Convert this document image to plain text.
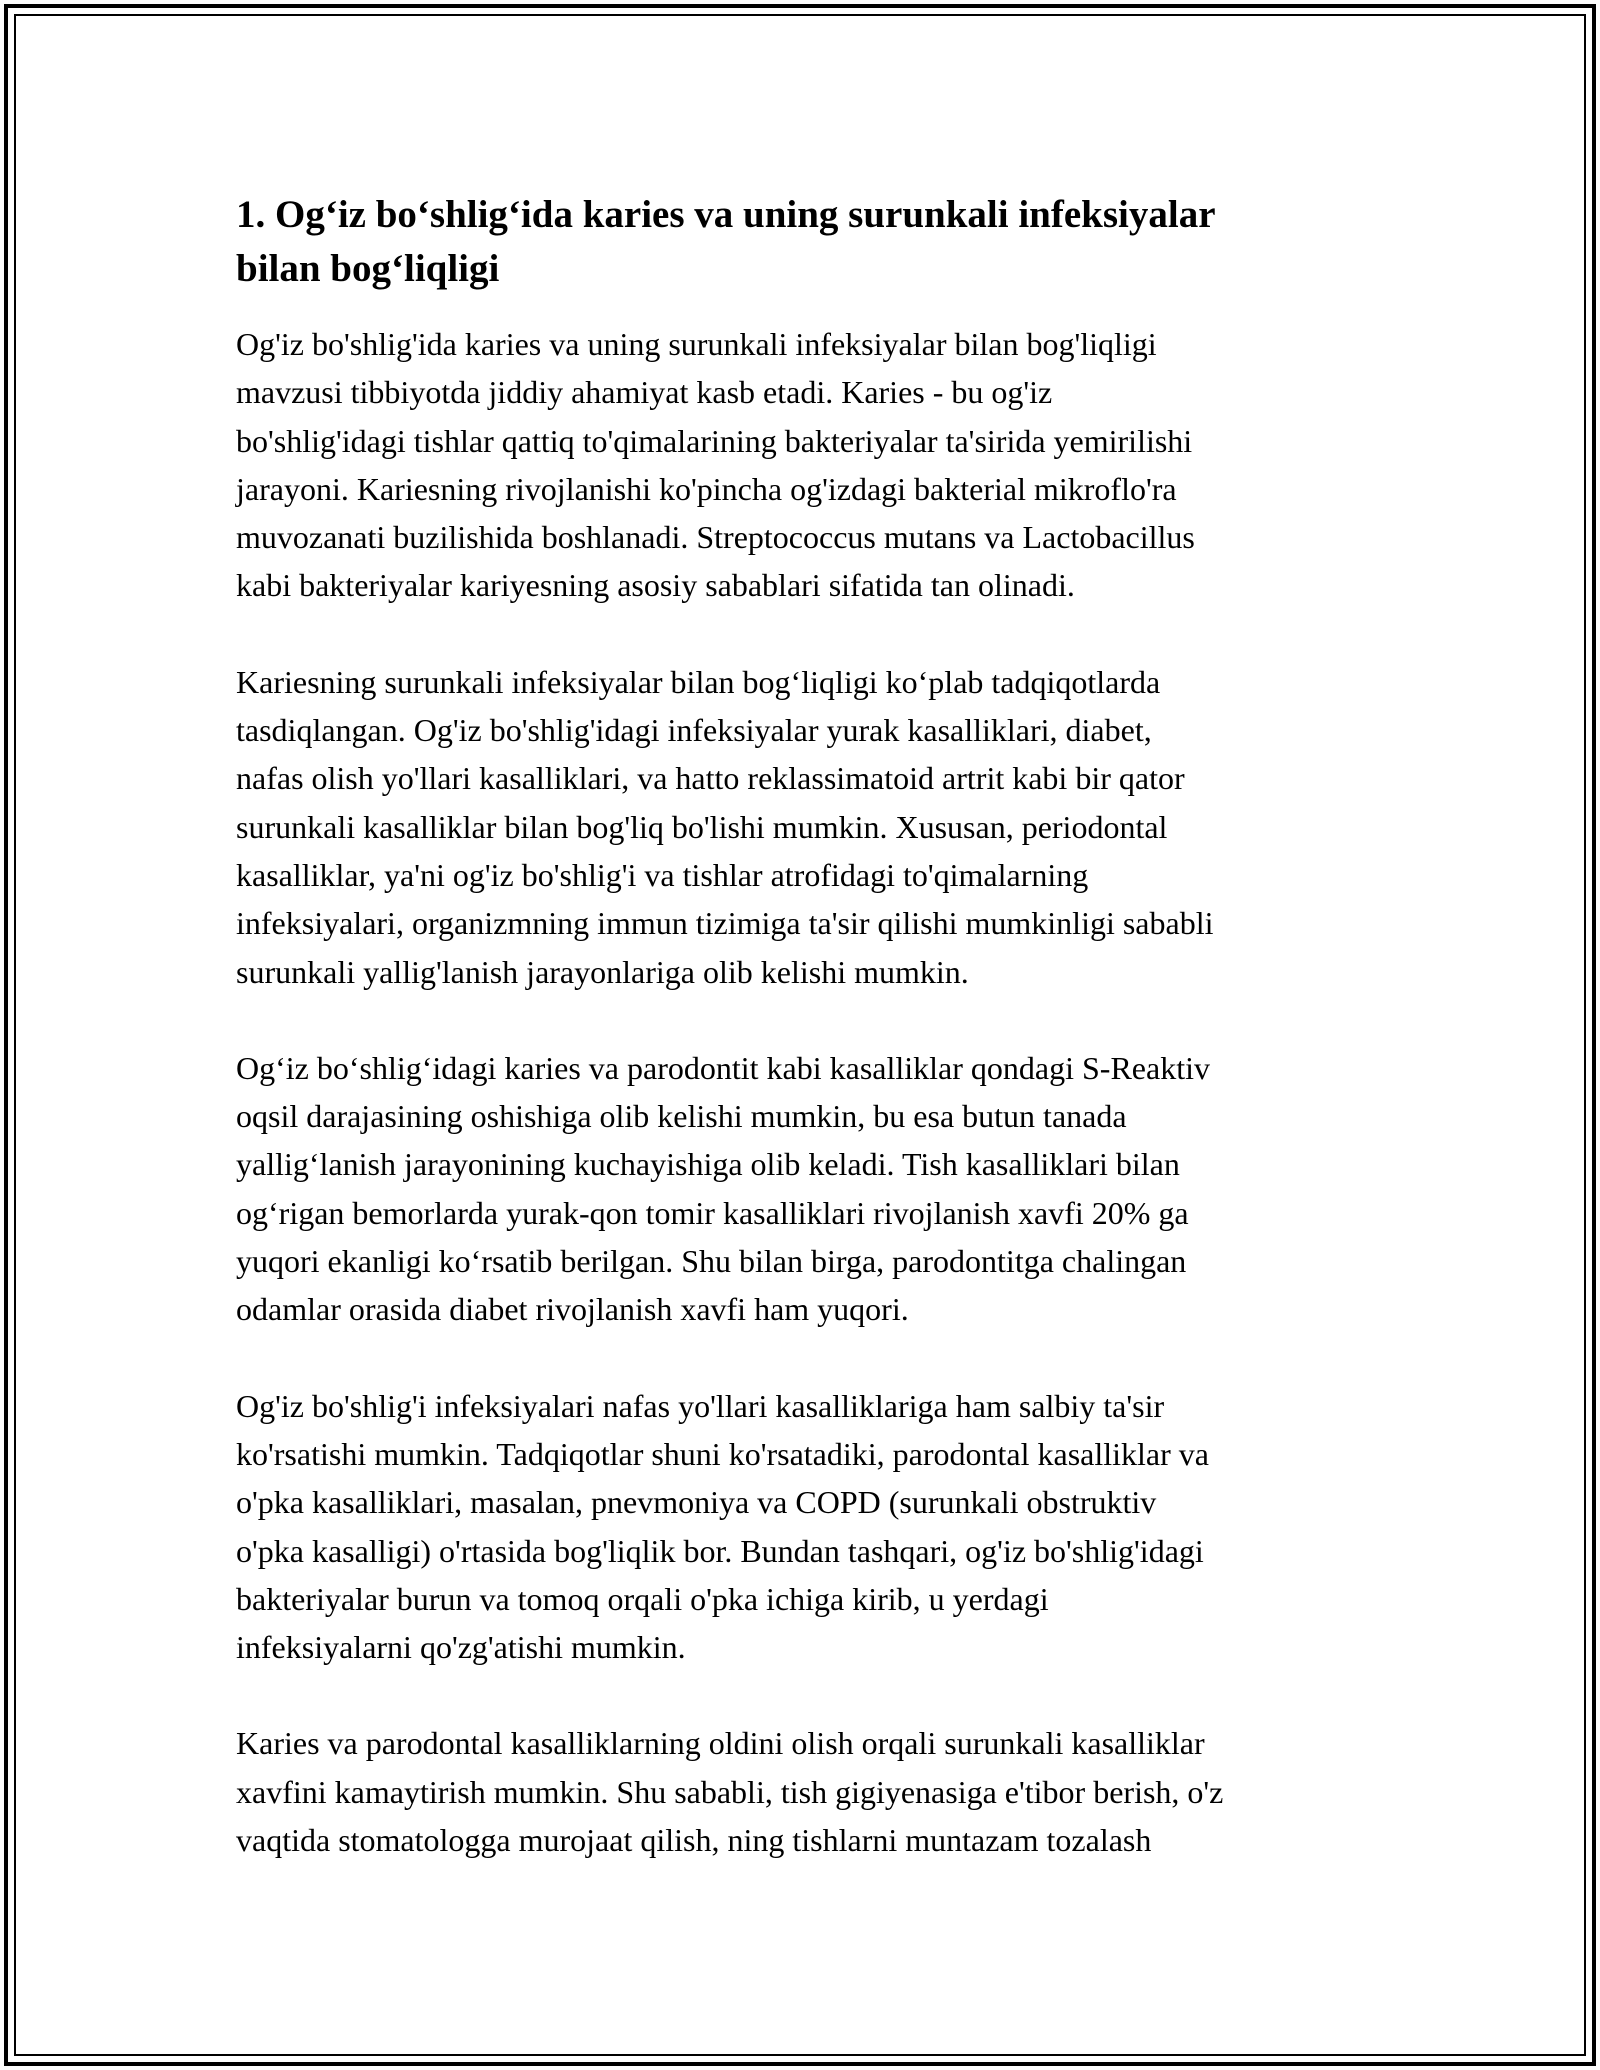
1. Og‘iz bo‘shlig‘ida karies va uning surunkali infeksiyalar
bilan bog‘liqligi

Og'iz bo'shlig'ida karies va uning surunkali infeksiyalar bilan bog'liqligi
mavzusi tibbiyotda jiddiy ahamiyat kasb etadi. Karies - bu og'iz
bo'shlig'idagi tishlar qattiq to'qimalarining bakteriyalar ta'sirida yemirilishi
jarayoni. Kariesning rivojlanishi ko'pincha og'izdagi bakterial mikroflo'ra
muvozanati buzilishida boshlanadi. Streptococcus mutans va Lactobacillus
kabi bakteriyalar kariyesning asosiy sabablari sifatida tan olinadi.

Kariesning surunkali infeksiyalar bilan bog‘liqligi ko‘plab tadqiqotlarda
tasdiqlangan. Og'iz bo'shlig'idagi infeksiyalar yurak kasalliklari, diabet,
nafas olish yo'llari kasalliklari, va hatto reklassimatoid artrit kabi bir qator
surunkali kasalliklar bilan bog'liq bo'lishi mumkin. Xususan, periodontal
kasalliklar, ya'ni og'iz bo'shlig'i va tishlar atrofidagi to'qimalarning
infeksiyalari, organizmning immun tizimiga ta'sir qilishi mumkinligi sababli
surunkali yallig'lanish jarayonlariga olib kelishi mumkin.

Og‘iz bo‘shlig‘idagi karies va parodontit kabi kasalliklar qondagi S-Reaktiv
oqsil darajasining oshishiga olib kelishi mumkin, bu esa butun tanada
yallig‘lanish jarayonining kuchayishiga olib keladi. Tish kasalliklari bilan
og‘rigan bemorlarda yurak-qon tomir kasalliklari rivojlanish xavfi 20% ga
yuqori ekanligi ko‘rsatib berilgan. Shu bilan birga, parodontitga chalingan
odamlar orasida diabet rivojlanish xavfi ham yuqori.

Og'iz bo'shlig'i infeksiyalari nafas yo'llari kasalliklariga ham salbiy ta'sir
ko'rsatishi mumkin. Tadqiqotlar shuni ko'rsatadiki, parodontal kasalliklar va
o'pka kasalliklari, masalan, pnevmoniya va COPD (surunkali obstruktiv
o'pka kasalligi) o'rtasida bog'liqlik bor. Bundan tashqari, og'iz bo'shlig'idagi
bakteriyalar burun va tomoq orqali o'pka ichiga kirib, u yerdagi
infeksiyalarni qo'zg'atishi mumkin.

Karies va parodontal kasalliklarning oldini olish orqali surunkali kasalliklar
xavfini kamaytirish mumkin. Shu sababli, tish gigiyenasiga e'tibor berish, o'z
vaqtida stomatologga murojaat qilish, ning tishlarni muntazam tozalash
